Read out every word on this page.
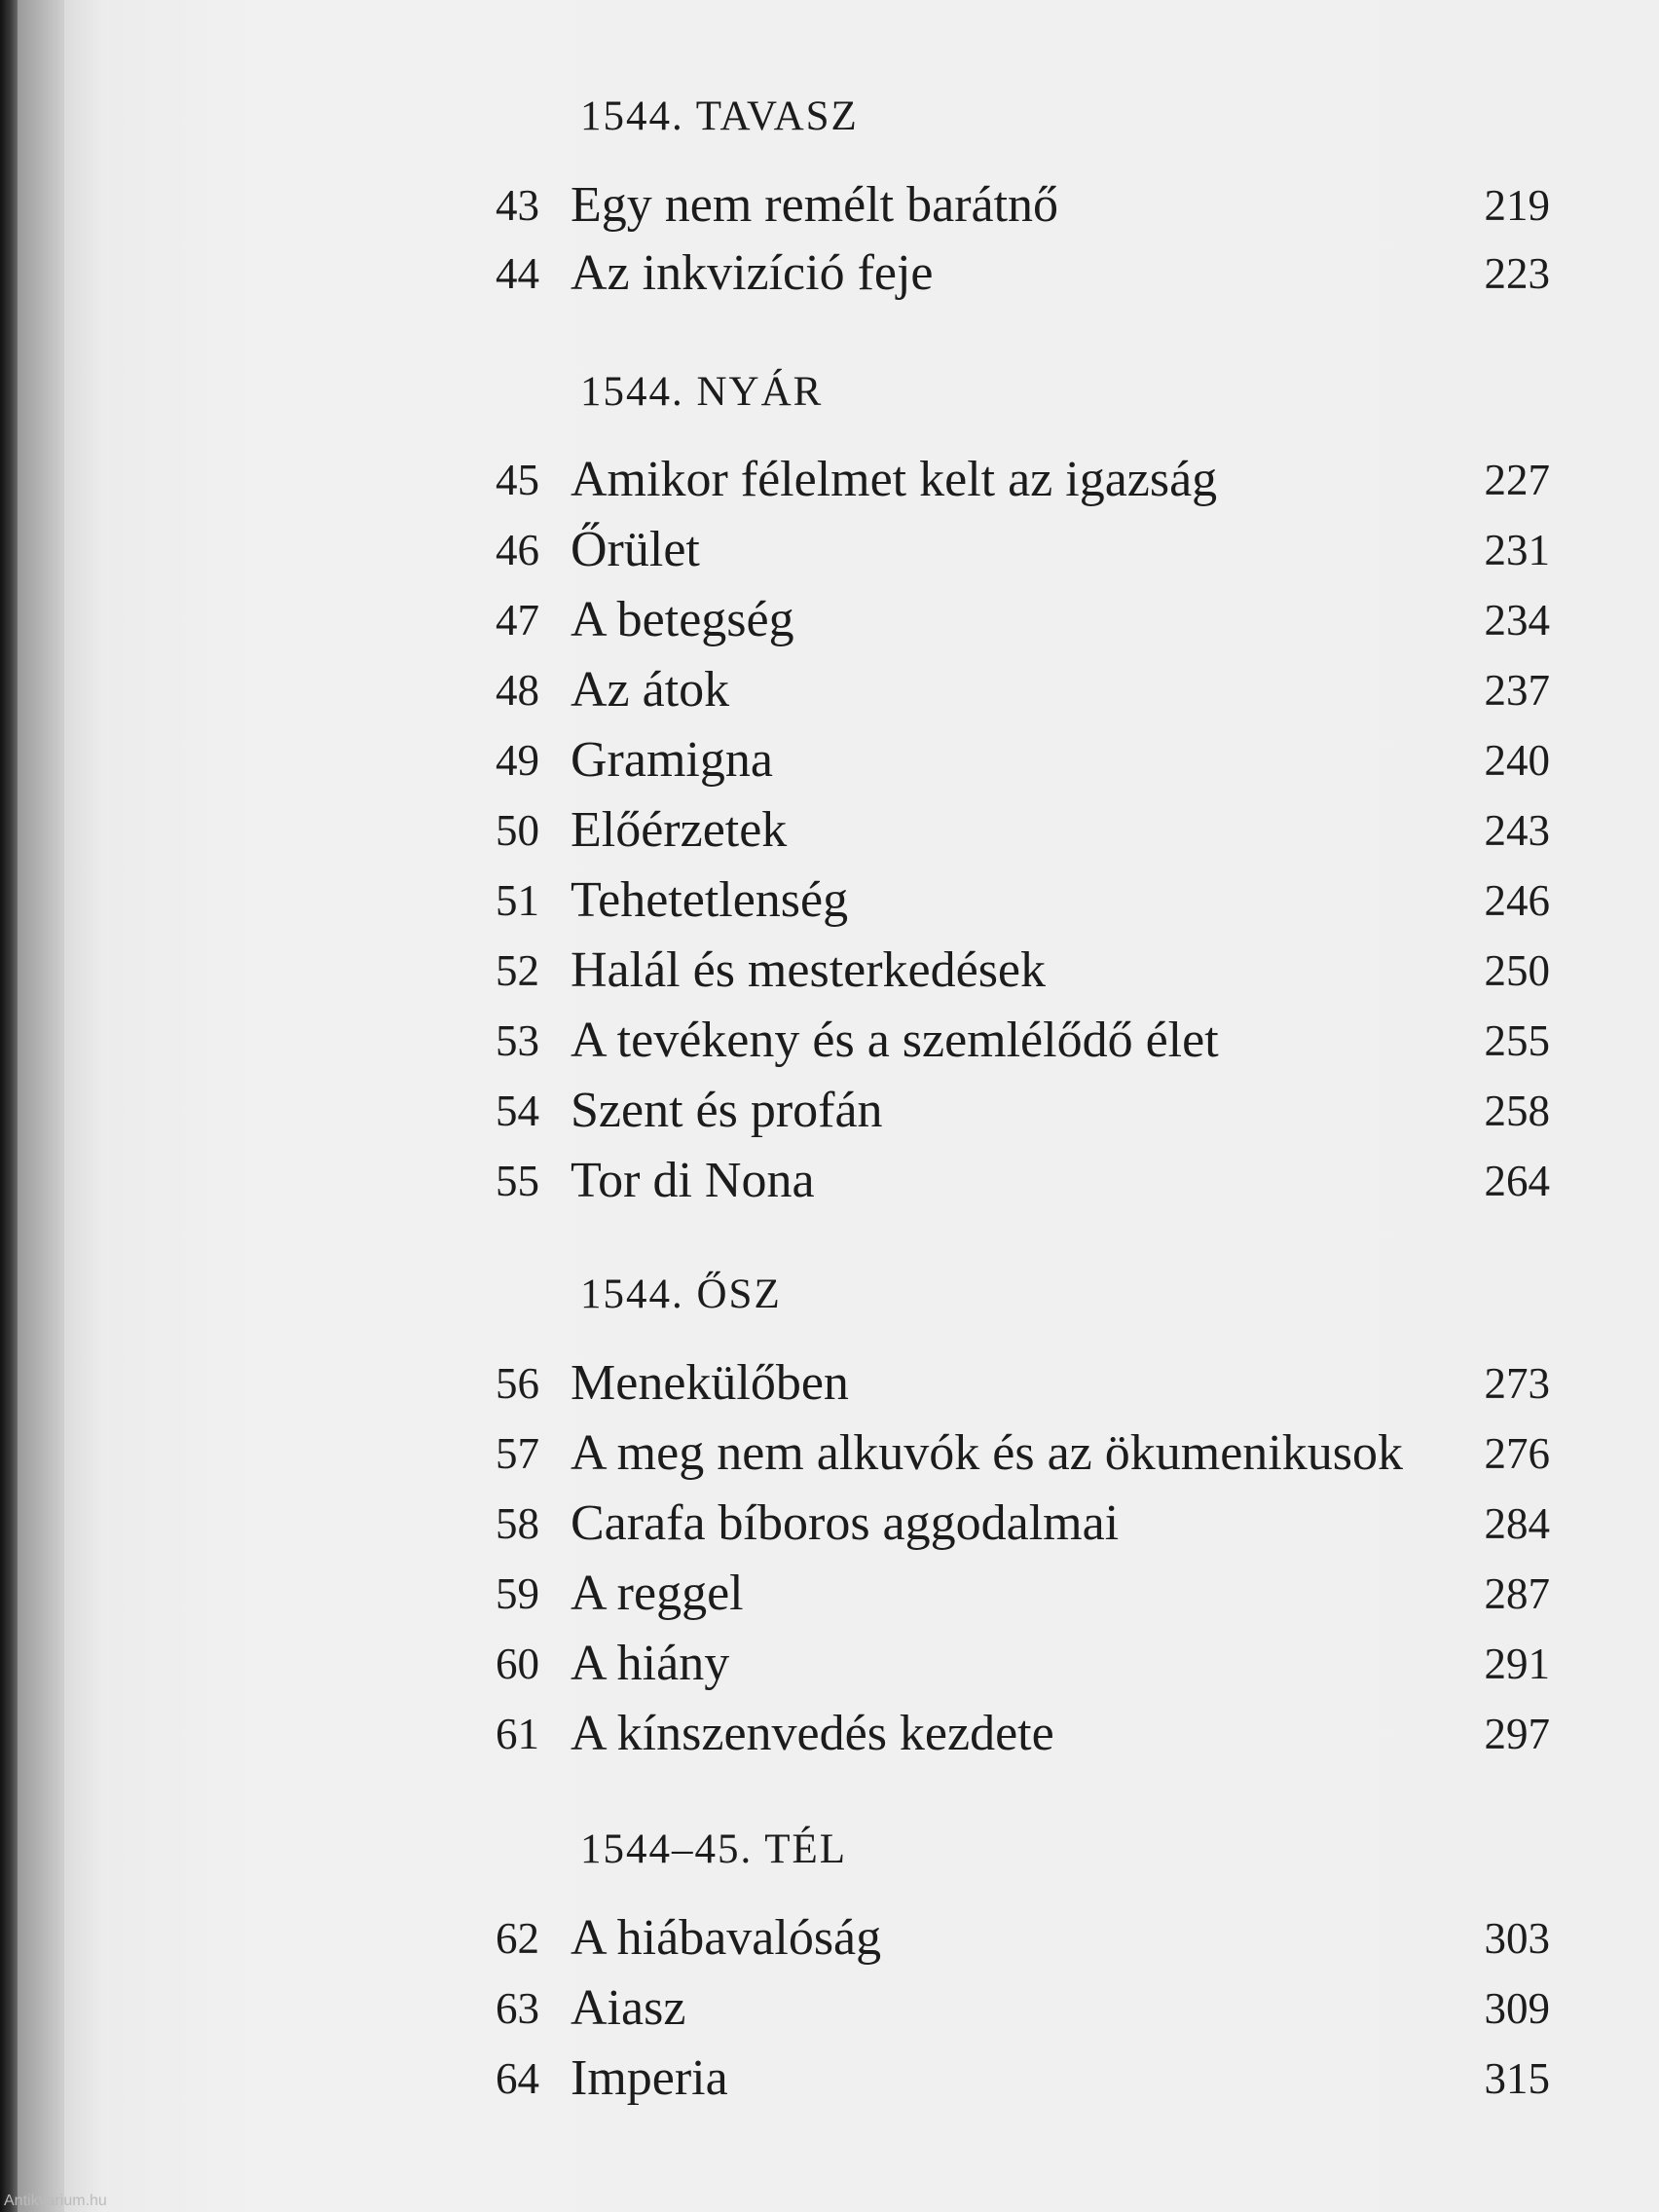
1544. TAVASZ
43 Egy nem remélt barátnő	219
44 Az inkvizíció feje	223
1544. NYÁR
45 Amikor félelmet kelt az igazság	227
46 Őrület	231
47 A betegség	234
48 Az átok	237
49 Gramigna	240
50 Előérzetek	243
51 Tehetetlenség	246
52 Halál és mesterkedések	250
53 A tevékeny és a szemlélődő élet	255
54 Szent és profán	258
55 Tor di Nona	264
1544. ŐSZ
56 Menekülőben	273
57 A meg nem alkuvók és az ökumenikusok 276
58 Carafa bíboros aggodalmai	284
59 A reggel	287
60 A hiány	291
61 A kínszenvedés kezdete	297
1544–45. TÉL
62 A hiábavalóság	303
63 Aiasz	309
64 Imperia	315
Antikvarium.hu
